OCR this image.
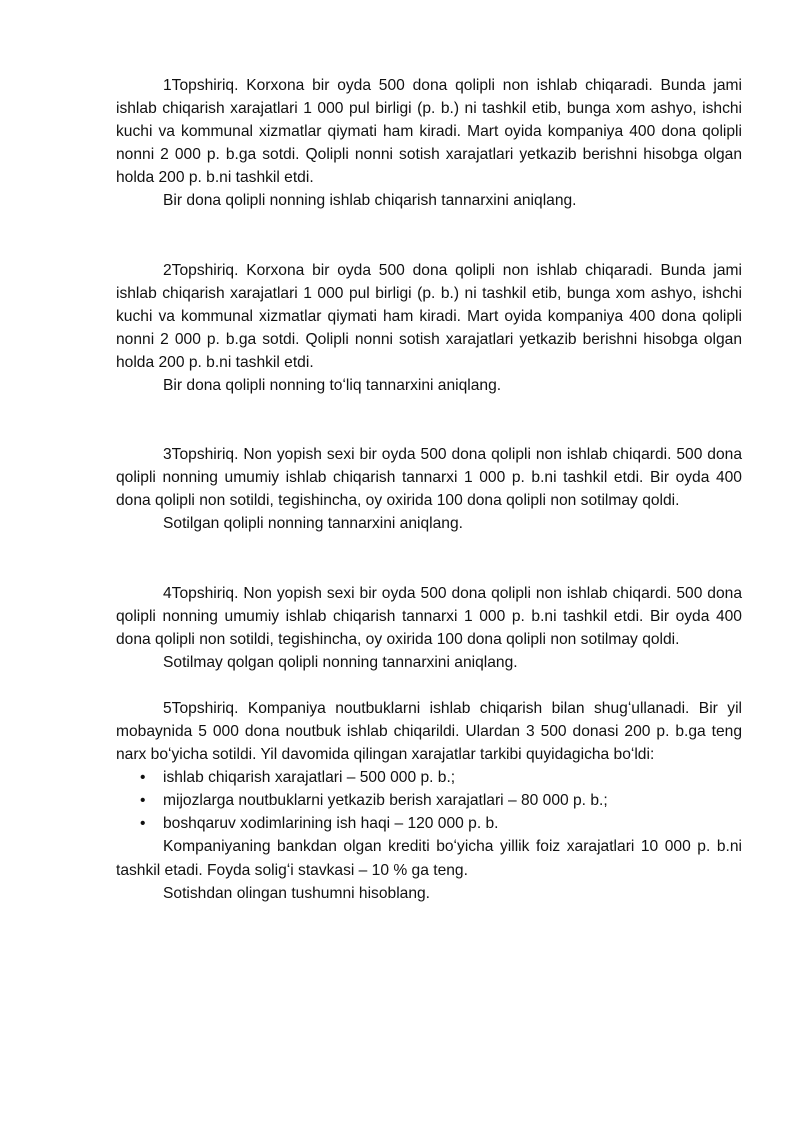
1Topshiriq. Korxona bir oyda 500 dona qolipli non ishlab chiqaradi. Bunda jami ishlab chiqarish xarajatlari 1 000 pul birligi (p. b.) ni tashkil etib, bunga xom ashyo, ishchi kuchi va kommunal xizmatlar qiymati ham kiradi. Mart oyida kompaniya 400 dona qolipli nonni 2 000 p. b.ga sotdi. Qolipli nonni sotish xarajatlari yetkazib berishni hisobga olgan holda 200 p. b.ni tashkil etdi.

Bir dona qolipli nonning ishlab chiqarish tannarxini aniqlang.

2Topshiriq. Korxona bir oyda 500 dona qolipli non ishlab chiqaradi. Bunda jami ishlab chiqarish xarajatlari 1 000 pul birligi (p. b.) ni tashkil etib, bunga xom ashyo, ishchi kuchi va kommunal xizmatlar qiymati ham kiradi. Mart oyida kompaniya 400 dona qolipli nonni 2 000 p. b.ga sotdi. Qolipli nonni sotish xarajatlari yetkazib berishni hisobga olgan holda 200 p. b.ni tashkil etdi.

Bir dona qolipli nonning toʻliq tannarxini aniqlang.

3Topshiriq. Non yopish sexi bir oyda 500 dona qolipli non ishlab chiqardi. 500 dona qolipli nonning umumiy ishlab chiqarish tannarxi 1 000 p. b.ni tashkil etdi. Bir oyda 400 dona qolipli non sotildi, tegishincha, oy oxirida 100 dona qolipli non sotilmay qoldi.

Sotilgan qolipli nonning tannarxini aniqlang.

4Topshiriq. Non yopish sexi bir oyda 500 dona qolipli non ishlab chiqardi. 500 dona qolipli nonning umumiy ishlab chiqarish tannarxi 1 000 p. b.ni tashkil etdi. Bir oyda 400 dona qolipli non sotildi, tegishincha, oy oxirida 100 dona qolipli non sotilmay qoldi.

Sotilmay qolgan qolipli nonning tannarxini aniqlang.

5Topshiriq. Kompaniya noutbuklarni ishlab chiqarish bilan shugʻullanadi. Bir yil mobaynida 5 000 dona noutbuk ishlab chiqarildi. Ulardan 3 500 donasi 200 p. b.ga teng narx boʻyicha sotildi. Yil davomida qilingan xarajatlar tarkibi quyidagicha boʻldi:

• ishlab chiqarish xarajatlari – 500 000 p. b.;
• mijozlarga noutbuklarni yetkazib berish xarajatlari – 80 000 p. b.;
• boshqaruv xodimlarining ish haqi – 120 000 p. b.

Kompaniyaning bankdan olgan krediti boʻyicha yillik foiz xarajatlari 10 000 p. b.ni tashkil etadi. Foyda soligʻi stavkasi – 10 % ga teng.

Sotishdan olingan tushumni hisoblang.
